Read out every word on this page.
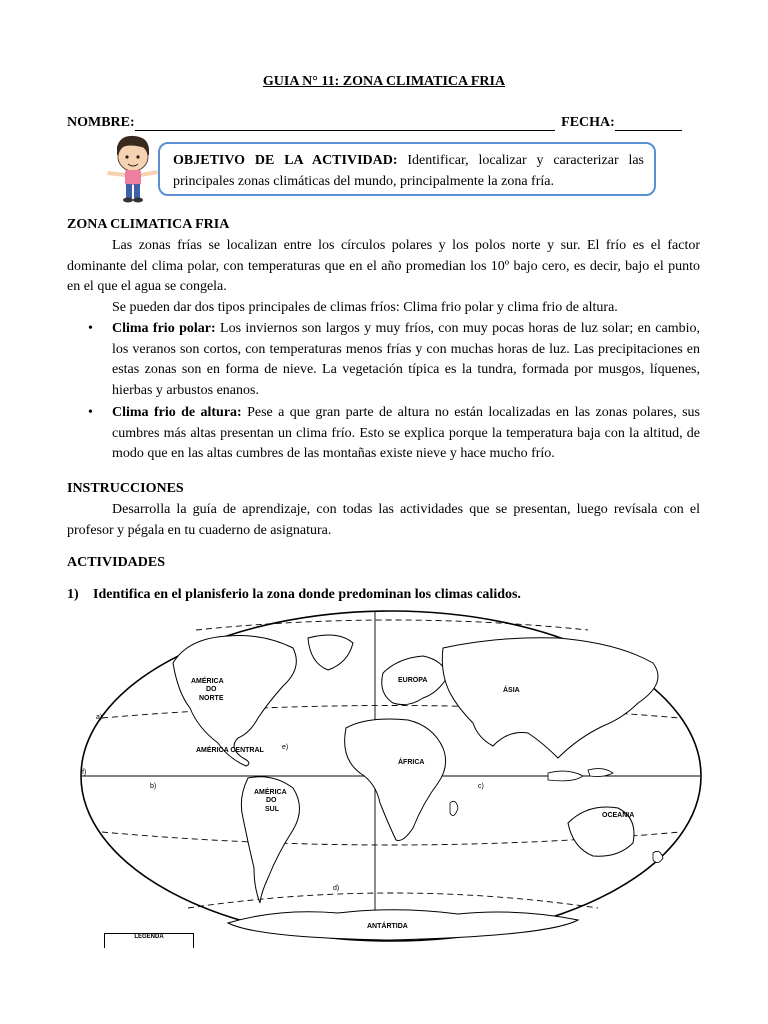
GUIA N° 11: ZONA CLIMATICA FRIA
NOMBRE:	FECHA:
OBJETIVO DE LA ACTIVIDAD: Identificar, localizar y caracterizar las principales zonas climáticas del mundo, principalmente la zona fría.
ZONA CLIMATICA FRIA
Las zonas frías se localizan entre los círculos polares y los polos norte y sur. El frío es el factor dominante del clima polar, con temperaturas que en el año promedian los 10º bajo cero, es decir, bajo el punto en el que el agua se congela.
Se pueden dar dos tipos principales de climas fríos: Clima frio polar y clima frio de altura.
• Clima frio polar: Los inviernos son largos y muy fríos, con muy pocas horas de luz solar; en cambio, los veranos son cortos, con temperaturas menos frías y con muchas horas de luz. Las precipitaciones en estas zonas son en forma de nieve. La vegetación típica es la tundra, formada por musgos, líquenes, hierbas y arbustos enanos.
• Clima frio de altura: Pese a que gran parte de altura no están localizadas en las zonas polares, sus cumbres más altas presentan un clima frío. Esto se explica porque la temperatura baja con la altitud, de modo que en las altas cumbres de las montañas existe nieve y hace mucho frío.
INSTRUCCIONES
Desarrolla la guía de aprendizaje, con todas las actividades que se presentan, luego revísala con el profesor y pégala en tu cuaderno de asignatura.
ACTIVIDADES
1) Identifica en el planisferio la zona donde predominan los climas calidos.
AMÉRICA
DO
NORTE
AMÉRICA CENTRAL
AMÉRICA
DO
SUL
EUROPA
ÁSIA
ÁFRICA
OCEANIA
ANTÁRTIDA
a)
b)	c)
d)
e)
f)
LEGENDA
